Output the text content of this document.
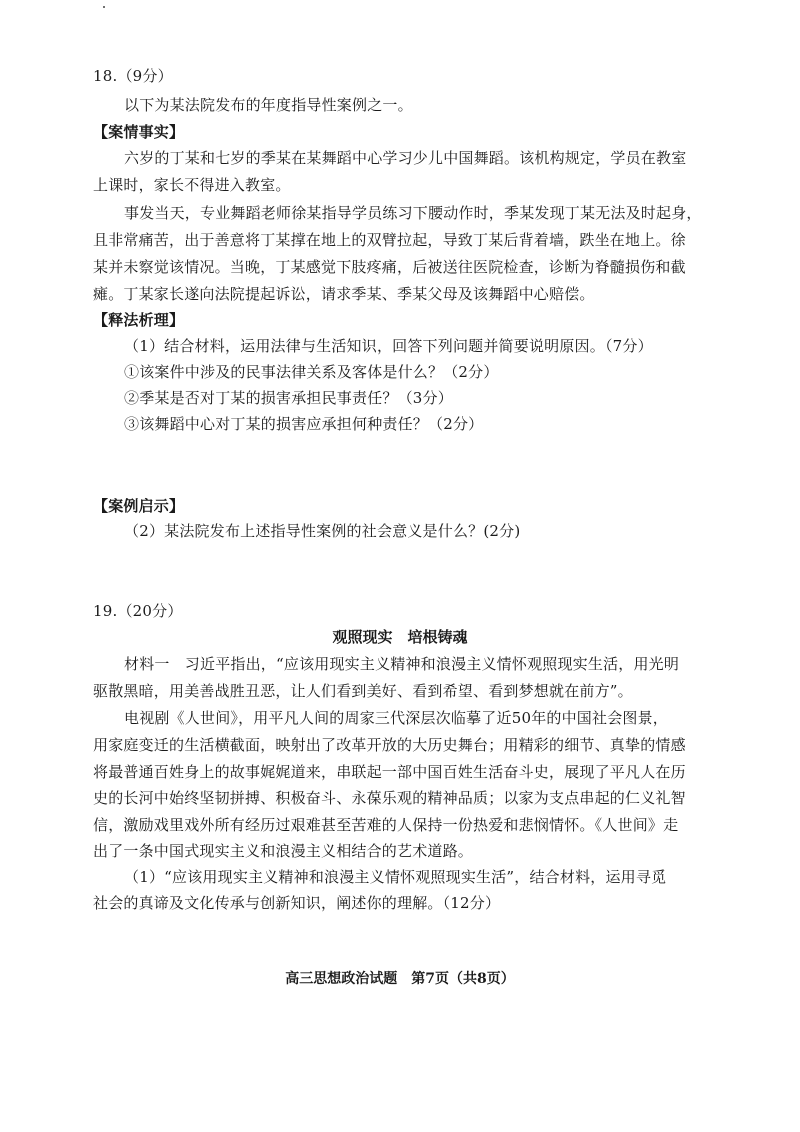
18.（9分）
以下为某法院发布的年度指导性案例之一。
【案情事实】
六岁的丁某和七岁的季某在某舞蹈中心学习少儿中国舞蹈。该机构规定，学员在教室
上课时，家长不得进入教室。
事发当天，专业舞蹈老师徐某指导学员练习下腰动作时，季某发现丁某无法及时起身，
且非常痛苦，出于善意将丁某撑在地上的双臂拉起，导致丁某后背着墙，跌坐在地上。徐
某并未察觉该情况。当晚，丁某感觉下肢疼痛，后被送往医院检查，诊断为脊髓损伤和截
瘫。丁某家长遂向法院提起诉讼，请求季某、季某父母及该舞蹈中心赔偿。
【释法析理】
（1）结合材料，运用法律与生活知识，回答下列问题并简要说明原因。（7分）
①该案件中涉及的民事法律关系及客体是什么？（2分）
②季某是否对丁某的损害承担民事责任？（3分）
③该舞蹈中心对丁某的损害应承担何种责任？（2分）
【案例启示】
（2）某法院发布上述指导性案例的社会意义是什么？(2分)
19.（20分）
观照现实　培根铸魂
材料一　习近平指出，“应该用现实主义精神和浪漫主义情怀观照现实生活，用光明
驱散黑暗，用美善战胜丑恶，让人们看到美好、看到希望、看到梦想就在前方”。
电视剧《人世间》，用平凡人间的周家三代深层次临摹了近50年的中国社会图景，
用家庭变迁的生活横截面，映射出了改革开放的大历史舞台；用精彩的细节、真挚的情感
将最普通百姓身上的故事娓娓道来，串联起一部中国百姓生活奋斗史，展现了平凡人在历
史的长河中始终坚韧拼搏、积极奋斗、永葆乐观的精神品质；以家为支点串起的仁义礼智
信，激励戏里戏外所有经历过艰难甚至苦难的人保持一份热爱和悲悯情怀。《人世间》走
出了一条中国式现实主义和浪漫主义相结合的艺术道路。
（1）“应该用现实主义精神和浪漫主义情怀观照现实生活”，结合材料，运用寻觅
社会的真谛及文化传承与创新知识，阐述你的理解。（12分）
高三思想政治试题　第7页（共8页）
